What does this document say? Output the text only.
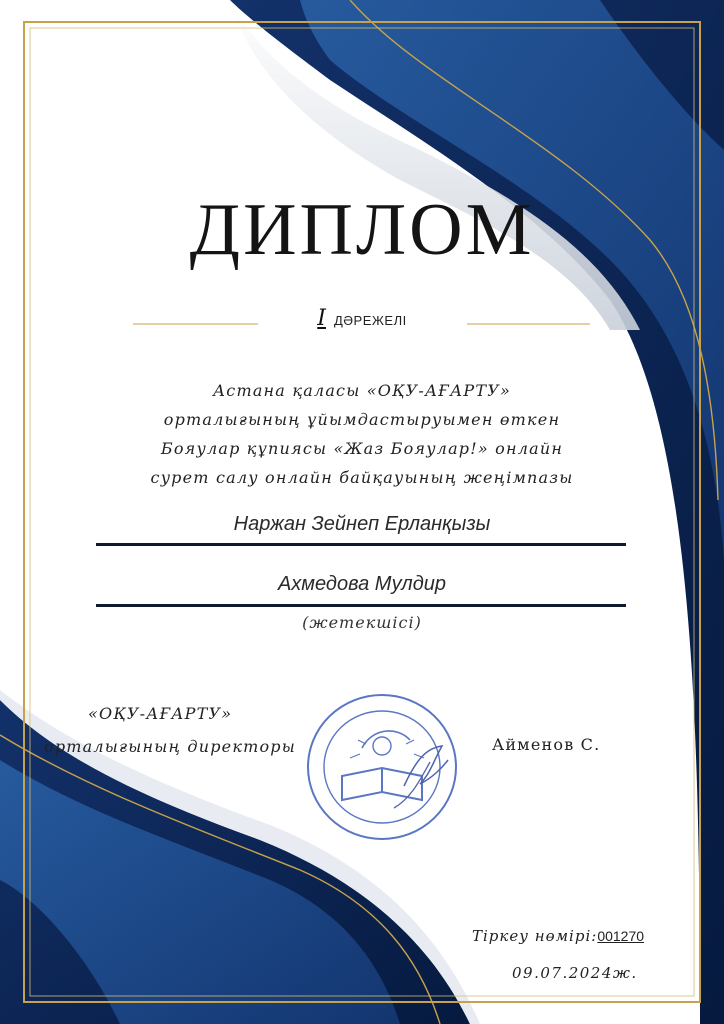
ДИПЛОМ
I ДӘРЕЖЕЛІ
Астана қаласы «ОҚУ-АҒАРТУ»
орталығының ұйымдастыруымен өткен
Бояулар құпиясы «Жаз Бояулар!» онлайн
сурет салу онлайн байқауының жеңімпазы
Наржан Зейнеп Ерланқызы
Ахмедова Мулдир
(жетекшісі)
«ОҚУ-АҒАРТУ»
орталығының директоры	Айменов С.
Тіркеу нөмірі:001270
09.07.2024ж.
